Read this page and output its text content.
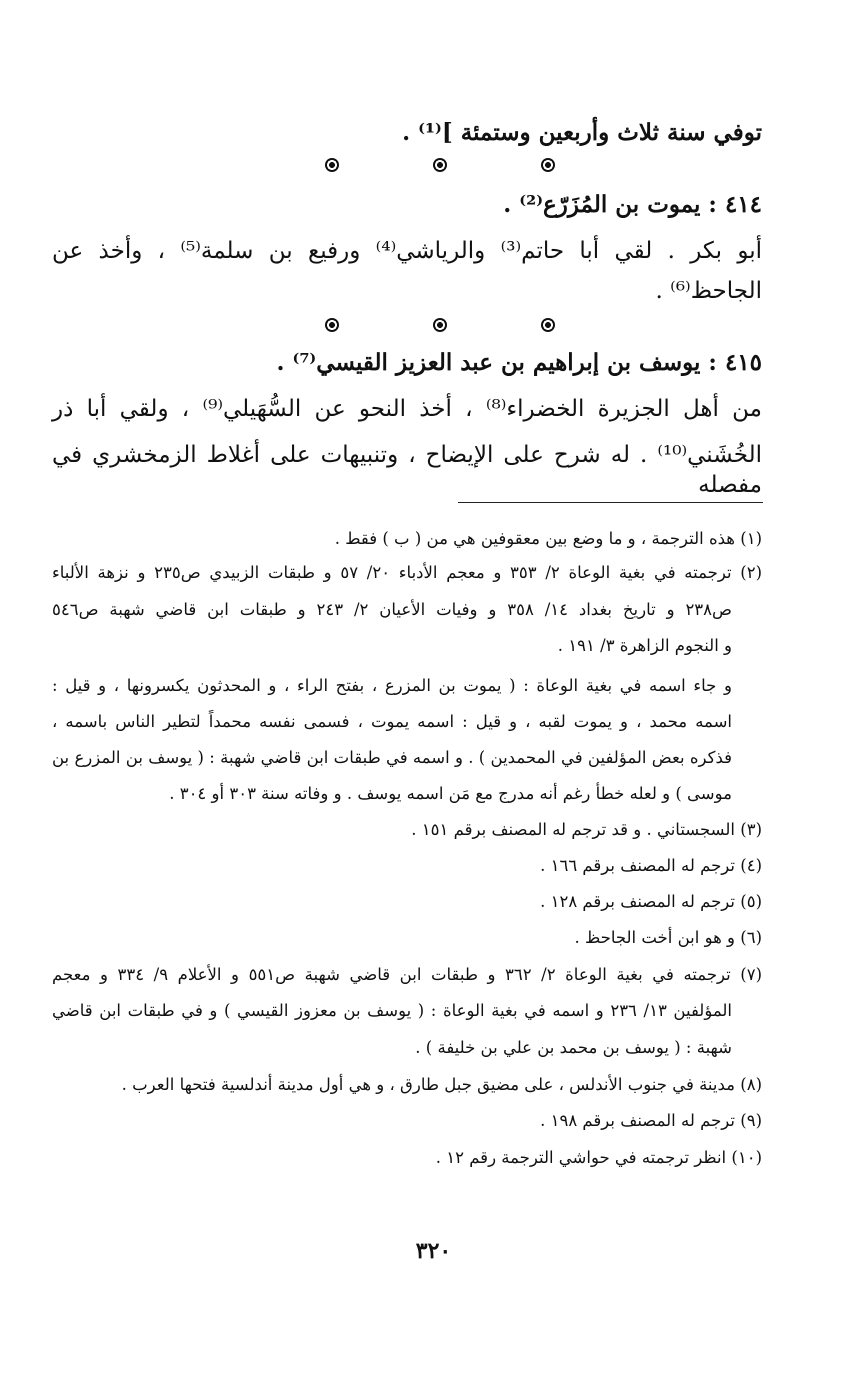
توفي سنة ثلاث وأربعين وستمئة ]⁽¹⁾ .
٤١٤ : يموت بن المُزَرّع⁽²⁾ .
أبو بكر . لقي أبا حاتم⁽³⁾ والرياشي⁽⁴⁾ ورفيع بن سلمة⁽⁵⁾ ، وأخذ عن
الجاحظ⁽⁶⁾ .
٤١٥ : يوسف بن إبراهيم بن عبد العزيز القيسي⁽⁷⁾ .
من أهل الجزيرة الخضراء⁽⁸⁾ ، أخذ النحو عن السُّهَيلي⁽⁹⁾ ، ولقي أبا ذر
الخُشَني⁽¹⁰⁾ . له شرح على الإيضاح ، وتنبيهات على أغلاط الزمخشري في مفصله
(١) هذه الترجمة ، و ما وضع بين معقوفين هي من ( ب ) فقط .
(٢) ترجمته في بغية الوعاة ٢/ ٣٥٣ و معجم الأدباء ٢٠/ ٥٧ و طبقات الزبيدي ص٢٣٥ و نزهة الألباء
ص٢٣٨ و تاريخ بغداد ١٤/ ٣٥٨ و وفيات الأعيان ٢/ ٢٤٣ و طبقات ابن قاضي شهبة ص٥٤٦
و النجوم الزاهرة ٣/ ١٩١ .
و جاء اسمه في بغية الوعاة : ( يموت بن المزرع ، بفتح الراء ، و المحدثون يكسرونها ، و قيل :
اسمه محمد ، و يموت لقبه ، و قيل : اسمه يموت ، فسمى نفسه محمداً لتطير الناس باسمه ،
فذكره بعض المؤلفين في المحمدين ) . و اسمه في طبقات ابن قاضي شهبة : ( يوسف بن المزرع بن
موسى ) و لعله خطأ رغم أنه مدرج مع مَن اسمه يوسف . و وفاته سنة ٣٠٣ أو ٣٠٤ .
(٣) السجستاني . و قد ترجم له المصنف برقم ١٥١ .
(٤) ترجم له المصنف برقم ١٦٦ .
(٥) ترجم له المصنف برقم ١٢٨ .
(٦) و هو ابن أخت الجاحظ .
(٧) ترجمته في بغية الوعاة ٢/ ٣٦٢ و طبقات ابن قاضي شهبة ص٥٥١ و الأعلام ٩/ ٣٣٤ و معجم
المؤلفين ١٣/ ٢٣٦ و اسمه في بغية الوعاة : ( يوسف بن معزوز القيسي ) و في طبقات ابن قاضي
شهبة : ( يوسف بن محمد بن علي بن خليفة ) .
(٨) مدينة في جنوب الأندلس ، على مضيق جبل طارق ، و هي أول مدينة أندلسية فتحها العرب .
(٩) ترجم له المصنف برقم ١٩٨ .
(١٠) انظر ترجمته في حواشي الترجمة رقم ١٢ .
٣٢٠
